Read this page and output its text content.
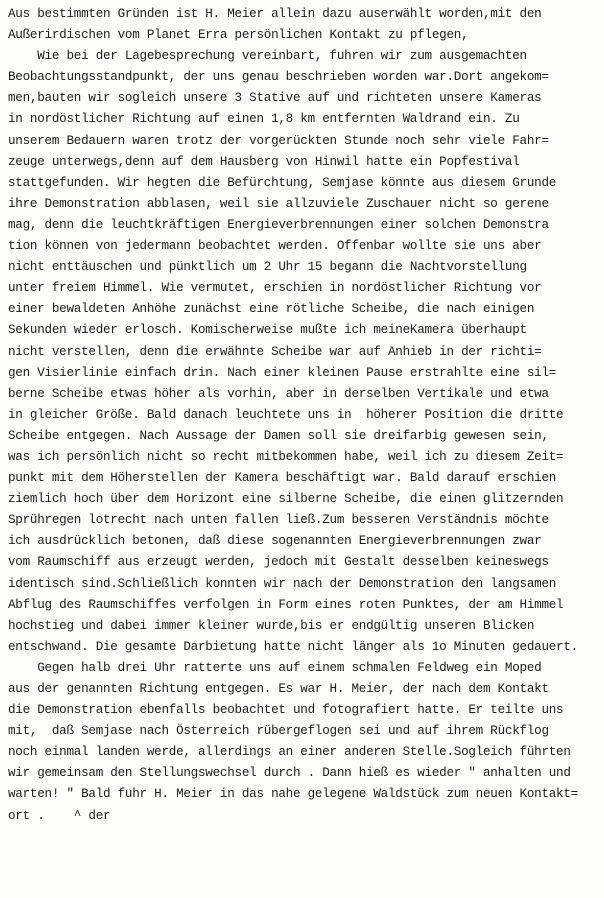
Aus bestimmten Gründen ist H. Meier allein dazu auserwählt worden,mit den
Außerirdischen vom Planet Erra persönlichen Kontakt zu pflegen,
Wie bei der Lagebesprechung vereinbart, fuhren wir zum ausgemachten
Beobachtungsstandpunkt, der uns genau beschrieben worden war.Dort angekom=
men,bauten wir sogleich unsere 3 Stative auf und richteten unsere Kameras
in nordöstlicher Richtung auf einen 1,8 km entfernten Waldrand ein. Zu
unserem Bedauern waren trotz der vorgerückten Stunde noch sehr viele Fahr=
zeuge unterwegs,denn auf dem Hausberg von Hinwil hatte ein Popfestival
stattgefunden. Wir hegten die Befürchtung, Semjase könnte aus diesem Grunde
ihre Demonstration abblasen, weil sie allzuviele Zuschauer nicht so gerene
mag, denn die leuchtkräftigen Energieverbrennungen einer solchen Demonstra
tion können von jedermann beobachtet werden. Offenbar wollte sie uns aber
nicht enttäuschen und pünktlich um 2 Uhr 15 begann die Nachtvorstellung
unter freiem Himmel. Wie vermutet, erschien in nordöstlicher Richtung vor
einer bewaldeten Anhöhe zunächst eine rötliche Scheibe, die nach einigen
Sekunden wieder erlosch. Komischerweise mußte ich meineKamera überhaupt
nicht verstellen, denn die erwähnte Scheibe war auf Anhieb in der richti=
gen Visierlinie einfach drin. Nach einer kleinen Pause erstrahlte eine sil=
berne Scheibe etwas höher als vorhin, aber in derselben Vertikale und etwa
in gleicher Größe. Bald danach leuchtete uns in  höherer Position die dritte
Scheibe entgegen. Nach Aussage der Damen soll sie dreifarbig gewesen sein,
was ich persönlich nicht so recht mitbekommen habe, weil ich zu diesem Zeit=
punkt mit dem Höherstellen der Kamera beschäftigt war. Bald darauf erschien
ziemlich hoch über dem Horizont eine silberne Scheibe, die einen glitzernden
Sprühregen lotrecht nach unten fallen ließ.Zum besseren Verständnis möchte
ich ausdrücklich betonen, daß diese sogenannten Energieverbrennungen zwar
vom Raumschiff aus erzeugt werden, jedoch mit Gestalt desselben keineswegs
identisch sind.Schließlich konnten wir nach der Demonstration den langsamen
Abflug des Raumschiffes verfolgen in Form eines roten Punktes, der am Himmel
hochstieg und dabei immer kleiner wurde,bis er endgültig unseren Blicken
entschwand. Die gesamte Darbietung hatte nicht länger als 1o Minuten gedauert.
Gegen halb drei Uhr ratterte uns auf einem schmalen Feldweg ein Moped
aus der genannten Richtung entgegen. Es war H. Meier, der nach dem Kontakt
die Demonstration ebenfalls beobachtet und fotografiert hatte. Er teilte uns
mit,  daß Semjase nach Österreich rübergeflogen sei und auf ihrem Rückflog
noch einmal landen werde, allerdings an einer anderen Stelle.Sogleich führten
wir gemeinsam den Stellungswechsel durch . Dann hieß es wieder " anhalten und
warten! " Bald fuhr H. Meier in das nahe gelegene Waldstück zum neuen Kontakt=
ort .    ^ der
